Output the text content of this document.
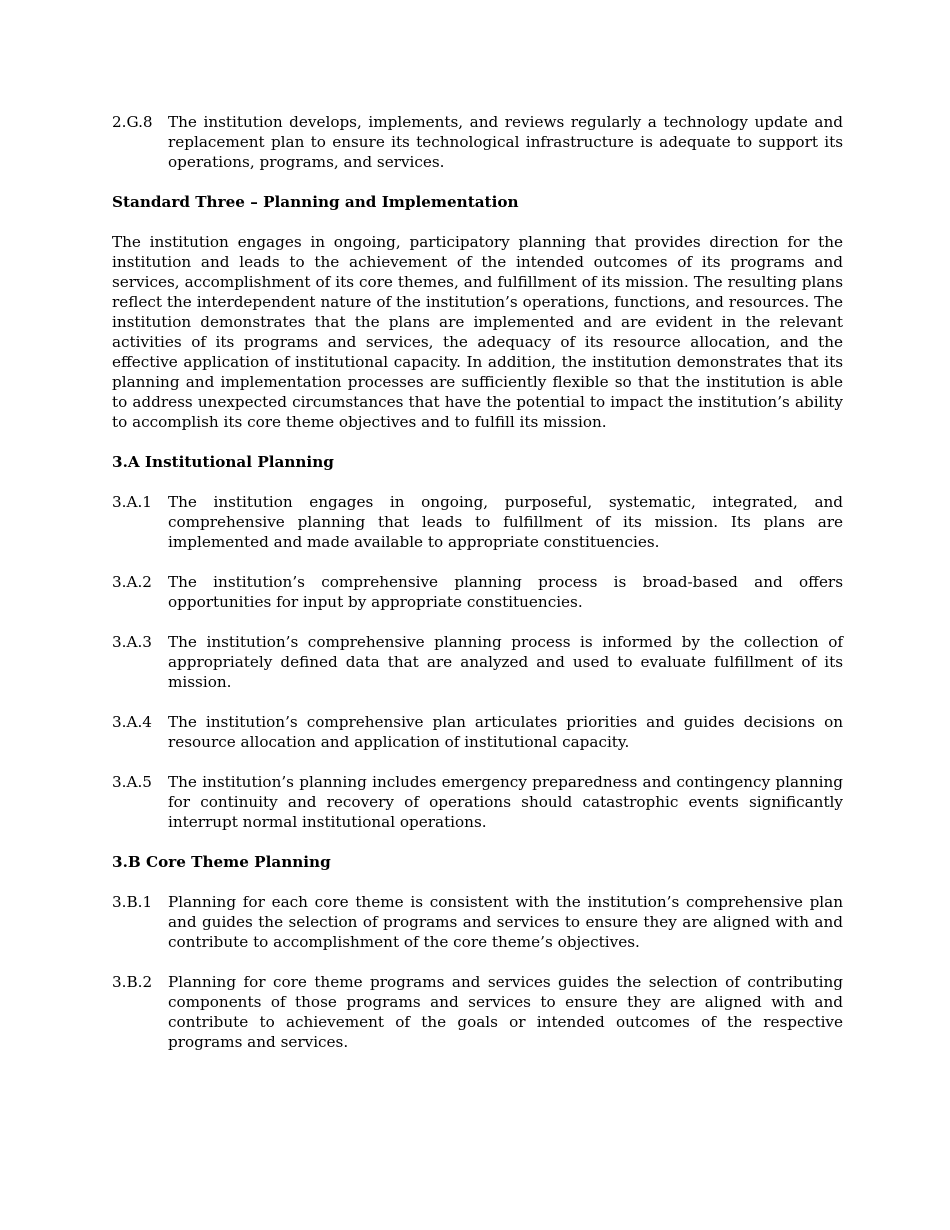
2.G.8	The institution develops, implements, and reviews regularly a technology update and replacement plan to ensure its technological infrastructure is adequate to support its operations, programs, and services.
Standard Three – Planning and Implementation
The institution engages in ongoing, participatory planning that provides direction for the institution and leads to the achievement of the intended outcomes of its programs and services, accomplishment of its core themes, and fulfillment of its mission. The resulting plans reflect the interdependent nature of the institution’s operations, functions, and resources. The institution demonstrates that the plans are implemented and are evident in the relevant activities of its programs and services, the adequacy of its resource allocation, and the effective application of institutional capacity. In addition, the institution demonstrates that its planning and implementation processes are sufficiently flexible so that the institution is able to address unexpected circumstances that have the potential to impact the institution’s ability to accomplish its core theme objectives and to fulfill its mission.
3.A Institutional Planning
3.A.1	The institution engages in ongoing, purposeful, systematic, integrated, and comprehensive planning that leads to fulfillment of its mission. Its plans are implemented and made available to appropriate constituencies.
3.A.2	The institution’s comprehensive planning process is broad-based and offers opportunities for input by appropriate constituencies.
3.A.3	The institution’s comprehensive planning process is informed by the collection of appropriately defined data that are analyzed and used to evaluate fulfillment of its mission.
3.A.4	The institution’s comprehensive plan articulates priorities and guides decisions on resource allocation and application of institutional capacity.
3.A.5	The institution’s planning includes emergency preparedness and contingency planning for continuity and recovery of operations should catastrophic events significantly interrupt normal institutional operations.
3.B Core Theme Planning
3.B.1	Planning for each core theme is consistent with the institution’s comprehensive plan and guides the selection of programs and services to ensure they are aligned with and contribute to accomplishment of the core theme’s objectives.
3.B.2	Planning for core theme programs and services guides the selection of contributing components of those programs and services to ensure they are aligned with and contribute to achievement of the goals or intended outcomes of the respective programs and services.
